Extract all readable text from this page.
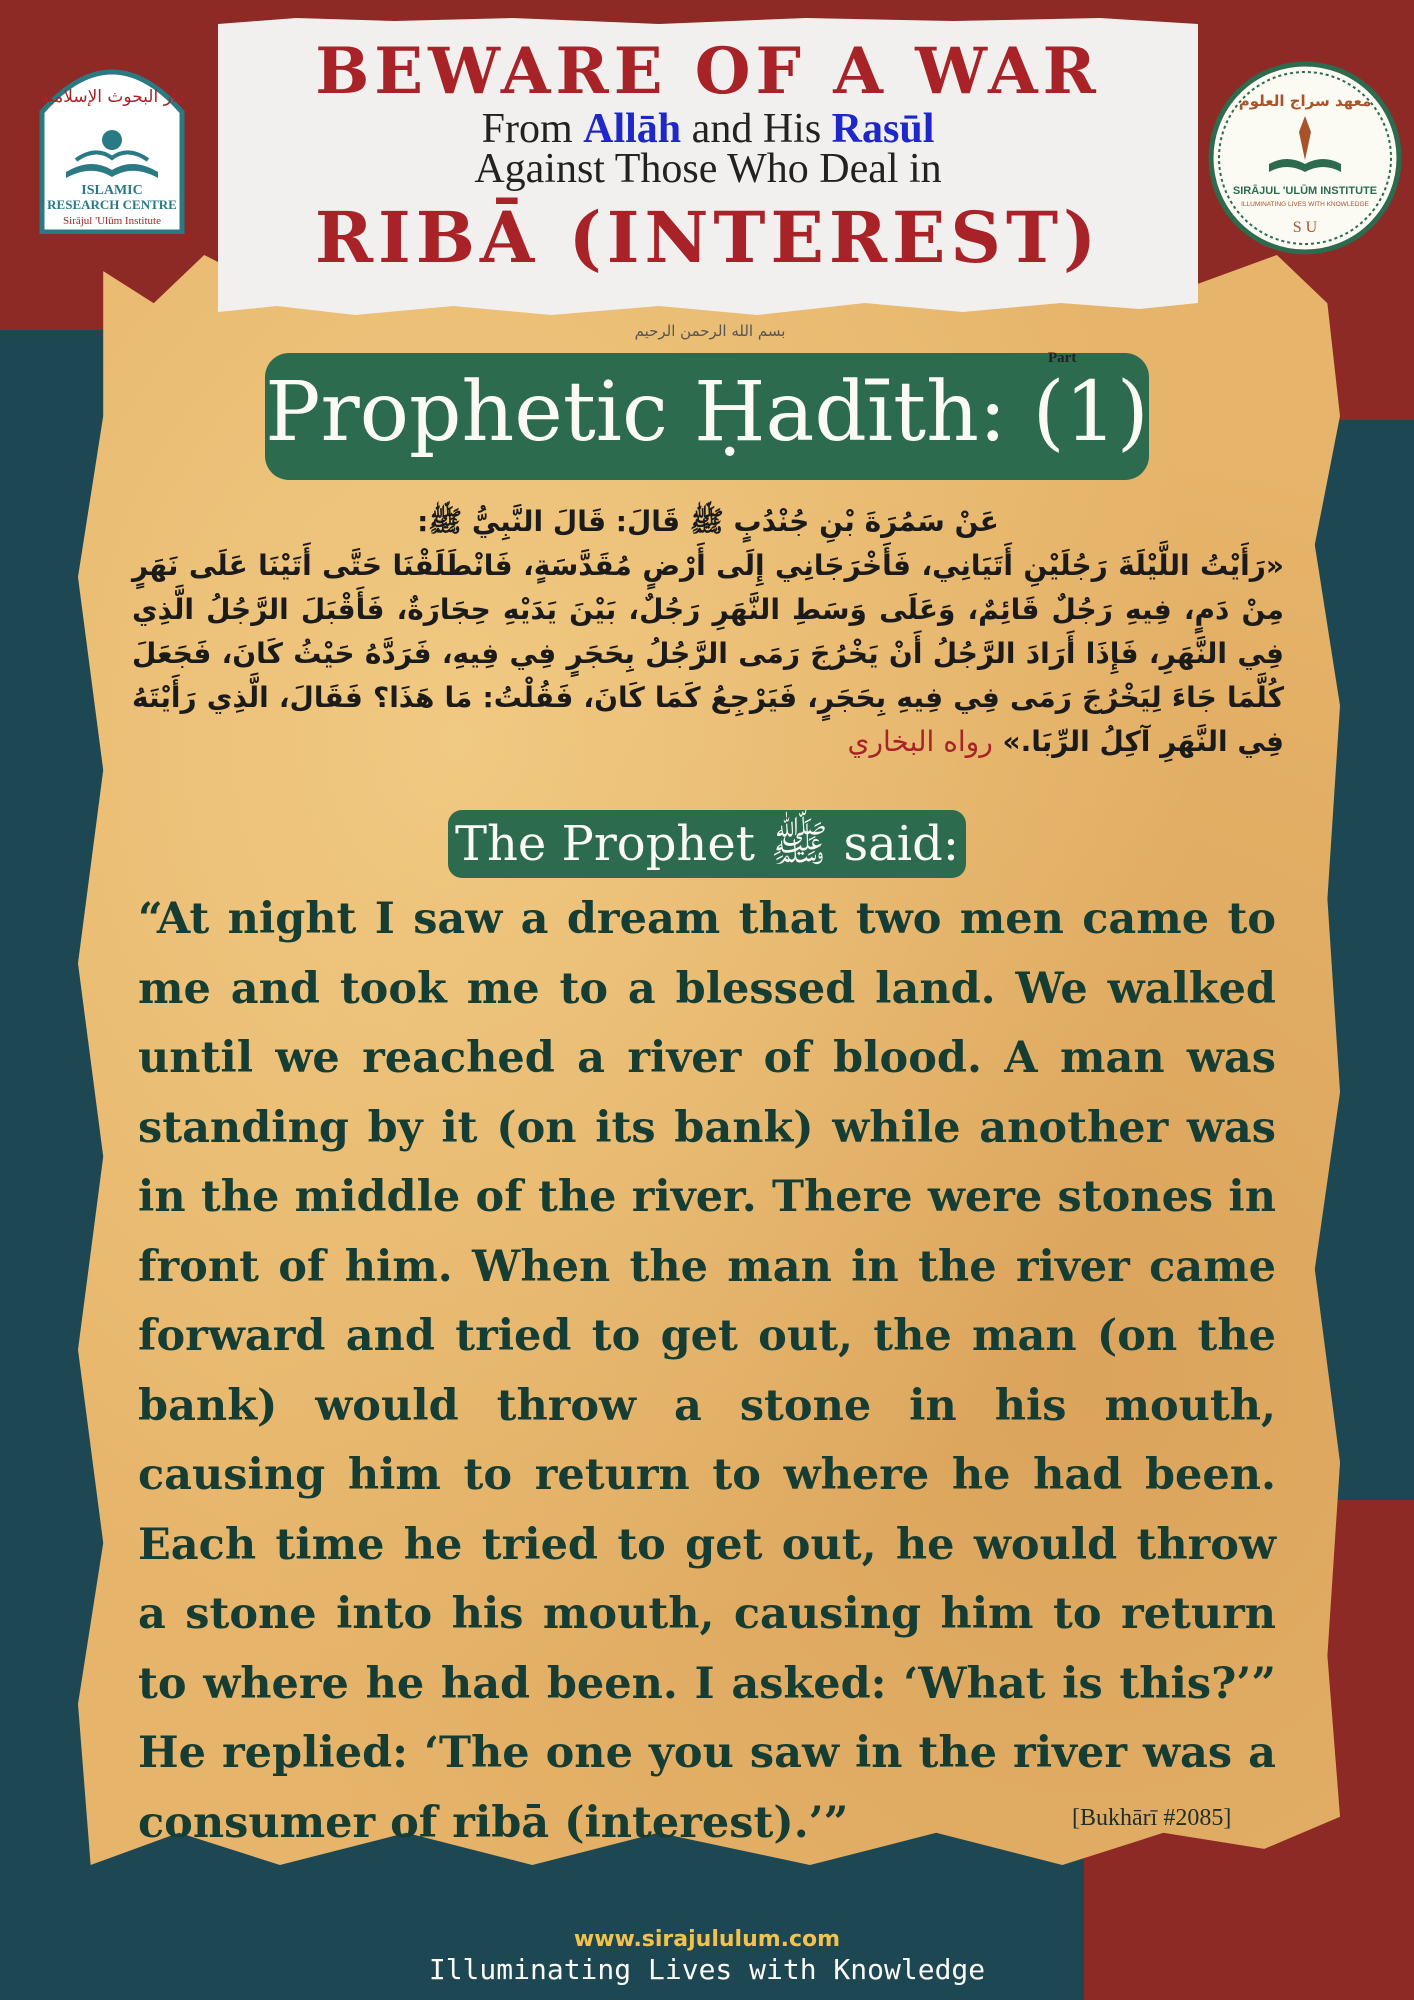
BEWARE OF A WAR
From Allāh and His Rasūl
Against Those Who Deal in
RIBĀ (INTEREST)
دار البحوث الإسلامية
ISLAMIC
RESEARCH CENTRE
Sirājul 'Ulūm Institute
معهد سراج العلوم
SIRĀJUL 'ULŪM INSTITUTE
ILLUMINATING LIVES WITH KNOWLEDGE
S U
بسم الله الرحمن الرحيم
Prophetic Ḥadīth: (1)
Part
عَنْ سَمُرَةَ بْنِ جُنْدُبٍ ﷺ قَالَ: قَالَ النَّبِيُّ ﷺ:
«رَأَيْتُ اللَّيْلَةَ رَجُلَيْنِ أَتَيَانِي، فَأَخْرَجَانِي إِلَى أَرْضٍ مُقَدَّسَةٍ، فَانْطَلَقْنَا حَتَّى أَتَيْنَا عَلَى نَهَرٍ مِنْ دَمٍ، فِيهِ رَجُلٌ قَائِمٌ، وَعَلَى وَسَطِ النَّهَرِ رَجُلٌ، بَيْنَ يَدَيْهِ حِجَارَةٌ، فَأَقْبَلَ الرَّجُلُ الَّذِي فِي النَّهَرِ، فَإِذَا أَرَادَ الرَّجُلُ أَنْ يَخْرُجَ رَمَى الرَّجُلُ بِحَجَرٍ فِي فِيهِ، فَرَدَّهُ حَيْثُ كَانَ، فَجَعَلَ كُلَّمَا جَاءَ لِيَخْرُجَ رَمَى فِي فِيهِ بِحَجَرٍ، فَيَرْجِعُ كَمَا كَانَ، فَقُلْتُ: مَا هَذَا؟ فَقَالَ، الَّذِي رَأَيْتَهُ فِي النَّهَرِ آكِلُ الرِّبَا.» رواه البخاري
The Prophet ﷺ said:
“At night I saw a dream that two men came to me and took me to a blessed land. We walked until we reached a river of blood. A man was standing by it (on its bank) while another was in the middle of the river. There were stones in front of him. When the man in the river came forward and tried to get out, the man (on the bank) would throw a stone in his mouth, causing him to return to where he had been. Each time he tried to get out, he would throw a stone into his mouth, causing him to return to where he had been. I asked: ‘What is this?’” He replied: ‘The one you saw in the river was a consumer of ribā (interest).’”	[Bukhārī #2085]
www.sirajululum.com
Illuminating Lives with Knowledge
